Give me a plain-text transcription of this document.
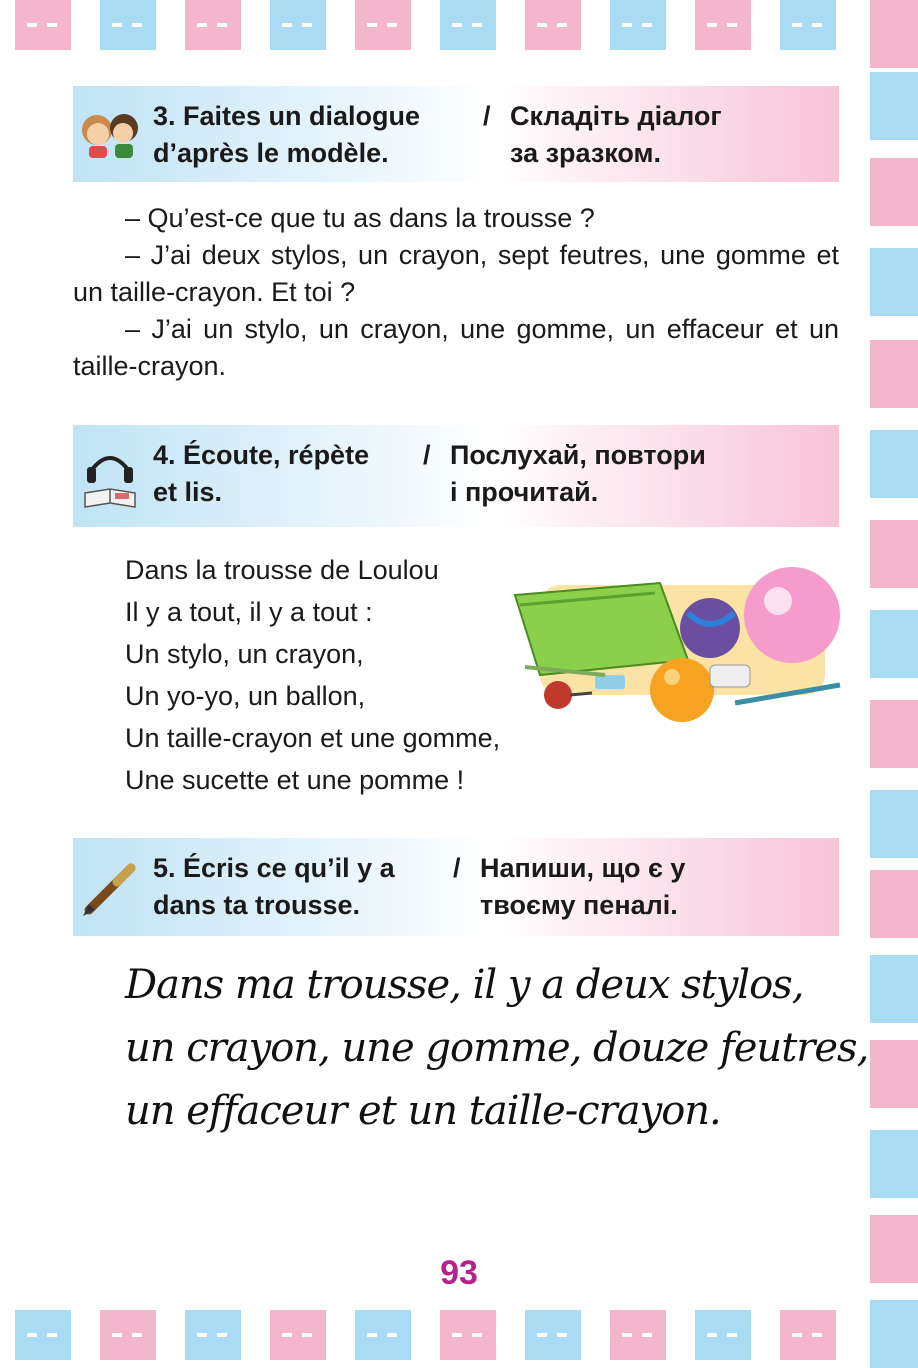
3. Faites un dialogue
d’après le modèle.
/ Складіть діалог
за зразком.

– Qu’est-ce que tu as dans la trousse ?

– J’ai deux stylos, un crayon, sept feutres, une gomme et un taille-crayon. Et toi ?

– J’ai un stylo, un crayon, une gomme, un effaceur et un taille-crayon.

4. Écoute, répète
et lis.
/ Послухай, повтори
і прочитай.
Dans la trousse de Loulou
Il y a tout, il y a tout :
Un stylo, un crayon,
Un yo-yo, un ballon,
Un taille-crayon et une gomme,
Une sucette et une pomme !
5. Écris ce qu’il y a
dans ta trousse.
/ Напиши, що є у
твоєму пеналі.
Dans ma trousse, il y a deux stylos,
un crayon, une gomme, douze feutres,
un effaceur et un taille-crayon.
93
